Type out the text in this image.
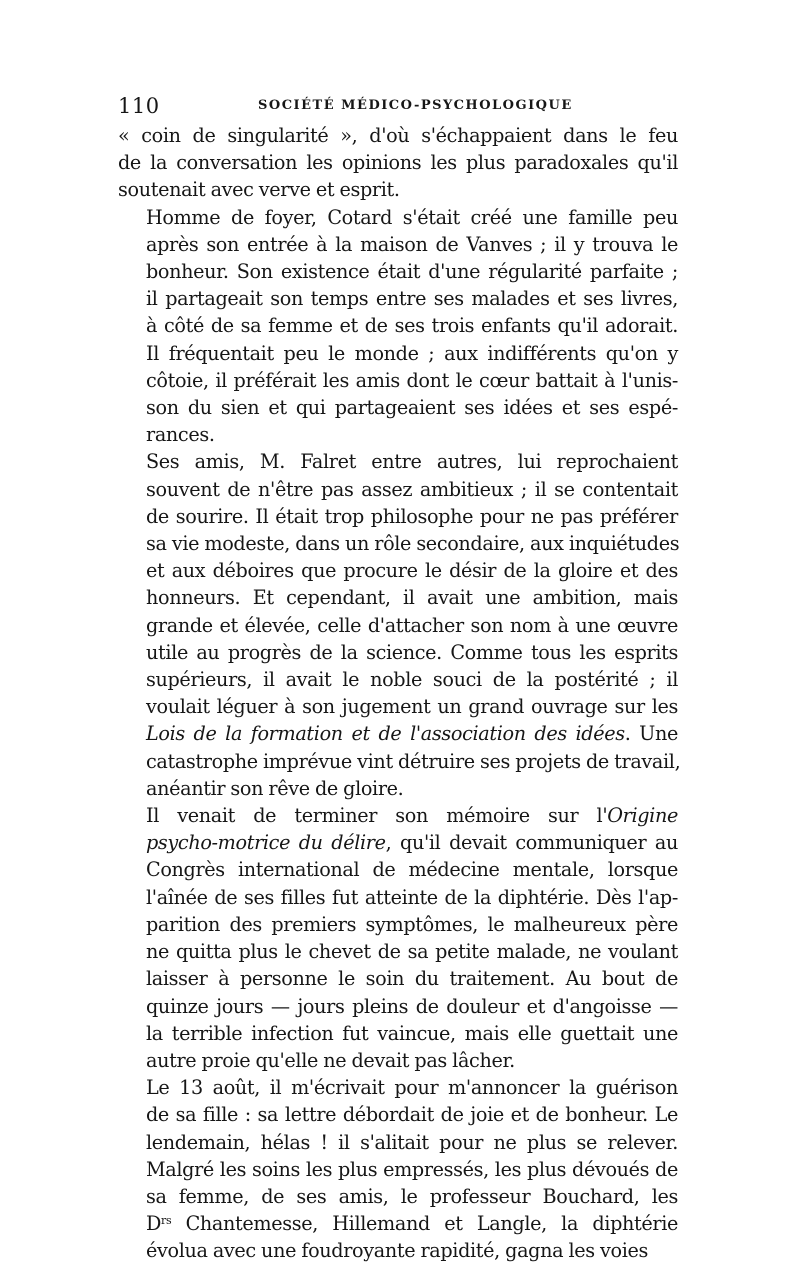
110	SOCIÉTÉ MÉDICO-PSYCHOLOGIQUE

« coin de singularité », d'où s'échappaient dans le feu
de la conversation les opinions les plus paradoxales qu'il
soutenait avec verve et esprit.

Homme de foyer, Cotard s'était créé une famille peu
après son entrée à la maison de Vanves ; il y trouva le
bonheur. Son existence était d'une régularité parfaite ;
il partageait son temps entre ses malades et ses livres,
à côté de sa femme et de ses trois enfants qu'il adorait.
Il fréquentait peu le monde ; aux indifférents qu'on y
côtoie, il préférait les amis dont le cœur battait à l'unis-
son du sien et qui partageaient ses idées et ses espé-
rances.

Ses amis, M. Falret entre autres, lui reprochaient
souvent de n'être pas assez ambitieux ; il se contentait
de sourire. Il était trop philosophe pour ne pas préférer
sa vie modeste, dans un rôle secondaire, aux inquiétudes
et aux déboires que procure le désir de la gloire et des
honneurs. Et cependant, il avait une ambition, mais
grande et élevée, celle d'attacher son nom à une œuvre
utile au progrès de la science. Comme tous les esprits
supérieurs, il avait le noble souci de la postérité ; il
voulait léguer à son jugement un grand ouvrage sur les
Lois de la formation et de l'association des idées. Une
catastrophe imprévue vint détruire ses projets de travail,
anéantir son rêve de gloire.

Il venait de terminer son mémoire sur l'Origine
psycho-motrice du délire, qu'il devait communiquer au
Congrès international de médecine mentale, lorsque
l'aînée de ses filles fut atteinte de la diphtérie. Dès l'ap-
parition des premiers symptômes, le malheureux père
ne quitta plus le chevet de sa petite malade, ne voulant
laisser à personne le soin du traitement. Au bout de
quinze jours — jours pleins de douleur et d'angoisse —
la terrible infection fut vaincue, mais elle guettait une
autre proie qu'elle ne devait pas lâcher.

Le 13 août, il m'écrivait pour m'annoncer la guérison
de sa fille : sa lettre débordait de joie et de bonheur. Le
lendemain, hélas ! il s'alitait pour ne plus se relever.
Malgré les soins les plus empressés, les plus dévoués de
sa femme, de ses amis, le professeur Bouchard, les
$D^{rs}$ Chantemesse, Hillemand et Langle, la diphtérie
évolua avec une foudroyante rapidité, gagna les voies
